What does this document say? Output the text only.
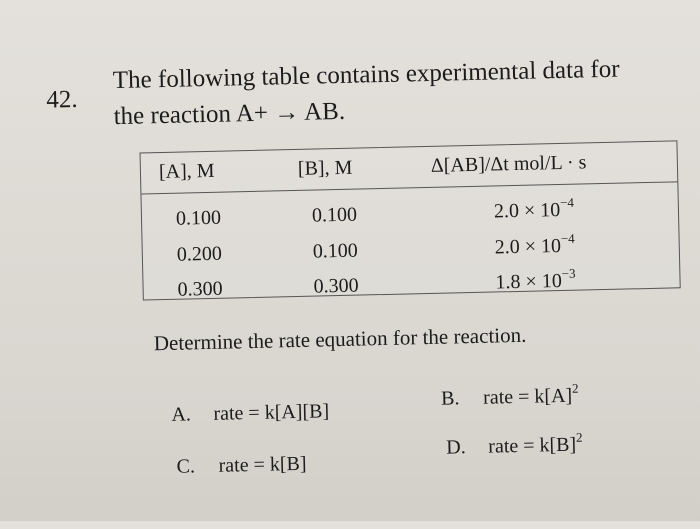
42.
The following table contains experimental data for
the reaction A+ → AB.
[A], M	[B], M	Δ[AB]/Δt mol/L · s
0.100	0.100	$2.0 \times 10^{-4}$
0.200	0.100	$2.0 \times 10^{-4}$
0.300	0.300	$1.8 \times 10^{-3}$
Determine the rate equation for the reaction.
A. rate = k[A][B]
B. rate = $k[A]^2$
C. rate = k[B]
D. rate = $k[B]^2$
